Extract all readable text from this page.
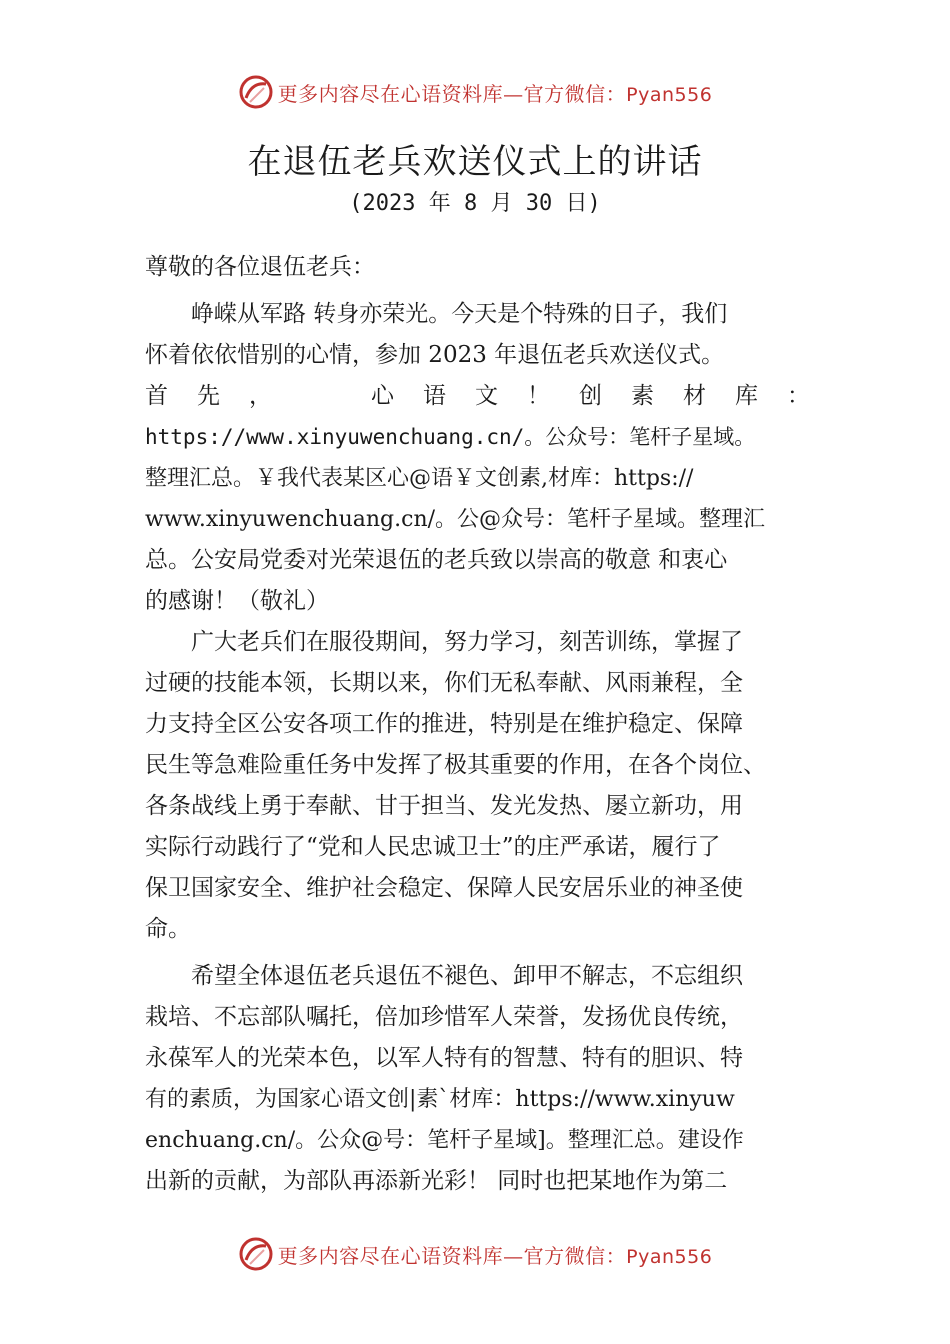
更多内容尽在心语资料库—官方微信：Pyan556
在退伍老兵欢送仪式上的讲话
(2023 年 8 月 30 日)
尊敬的各位退伍老兵：
　　峥嵘从军路 转身亦荣光。今天是个特殊的日子，我们
怀着依依惜别的心情，参加 2023 年退伍老兵欢送仪式。
首 先 ，	心 语 文 ！ 创 素 材 库 ：
https://www.xinyuwenchuang.cn/。公众号：笔杆子星域。
整理汇总。￥我代表某区心@语￥文创素,材库：https://
www.xinyuwenchuang.cn/。公@众号：笔杆子星域。整理汇
总。公安局党委对光荣退伍的老兵致以崇高的敬意 和衷心
的感谢！（敬礼）
　　广大老兵们在服役期间，努力学习，刻苦训练，掌握了
过硬的技能本领，长期以来，你们无私奉献、风雨兼程，全
力支持全区公安各项工作的推进，特别是在维护稳定、保障
民生等急难险重任务中发挥了极其重要的作用，在各个岗位、
各条战线上勇于奉献、甘于担当、发光发热、屡立新功，用
实际行动践行了“党和人民忠诚卫士”的庄严承诺，履行了
保卫国家安全、维护社会稳定、保障人民安居乐业的神圣使
命。
　　希望全体退伍老兵退伍不褪色、卸甲不解志，不忘组织
栽培、不忘部队嘱托，倍加珍惜军人荣誉，发扬优良传统，
永葆军人的光荣本色，以军人特有的智慧、特有的胆识、特
有的素质，为国家心语文创|素`材库：https://www.xinyuw
enchuang.cn/。公众@号：笔杆子星域]。整理汇总。建设作
出新的贡献，为部队再添新光彩！ 同时也把某地作为第二
更多内容尽在心语资料库—官方微信：Pyan556
